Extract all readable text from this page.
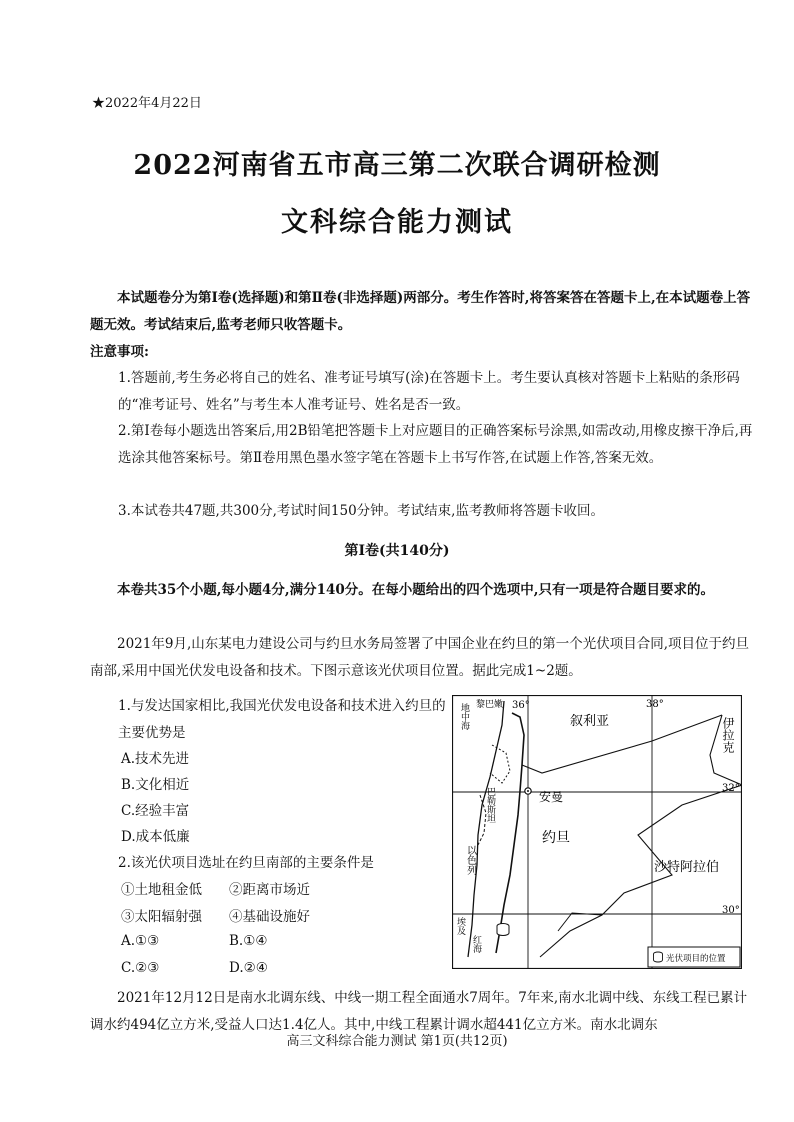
★2022年4月22日
2022河南省五市高三第二次联合调研检测
文科综合能力测试
本试题卷分为第Ⅰ卷(选择题)和第Ⅱ卷(非选择题)两部分。考生作答时,将答案答在答题卡上,在本试题卷上答题无效。考试结束后,监考老师只收答题卡。
注意事项:
1.答题前,考生务必将自己的姓名、准考证号填写(涂)在答题卡上。考生要认真核对答题卡上粘贴的条形码的“准考证号、姓名”与考生本人准考证号、姓名是否一致。
2.第Ⅰ卷每小题选出答案后,用2B铅笔把答题卡上对应题目的正确答案标号涂黑,如需改动,用橡皮擦干净后,再选涂其他答案标号。第Ⅱ卷用黑色墨水签字笔在答题卡上书写作答,在试题上作答,答案无效。
3.本试卷共47题,共300分,考试时间150分钟。考试结束,监考教师将答题卡收回。
第Ⅰ卷(共140分)
本卷共35个小题,每小题4分,满分140分。在每小题给出的四个选项中,只有一项是符合题目要求的。
2021年9月,山东某电力建设公司与约旦水务局签署了中国企业在约旦的第一个光伏项目合同,项目位于约旦南部,采用中国光伏发电设备和技术。下图示意该光伏项目位置。据此完成1~2题。
1.与发达国家相比,我国光伏发电设备和技术进入约旦的主要优势是
A.技术先进
B.文化相近
C.经验丰富
D.成本低廉
2.该光伏项目选址在约旦南部的主要条件是
①土地租金低 ②距离市场近
③太阳辐射强 ④基础设施好
A.①③	B.①④
C.②③	D.②④
黎巴嫩 36°	38°
叙利亚	伊拉克
地中海
32°
安曼
约旦
以色列
巴勒斯坦
沙特阿拉伯
30°
埃及
红海
光伏项目的位置
2021年12月12日是南水北调东线、中线一期工程全面通水7周年。7年来,南水北调中线、东线工程已累计调水约494亿立方米,受益人口达1.4亿人。其中,中线工程累计调水超441亿立方米。南水北调东
高三文科综合能力测试 第1页(共12页)
